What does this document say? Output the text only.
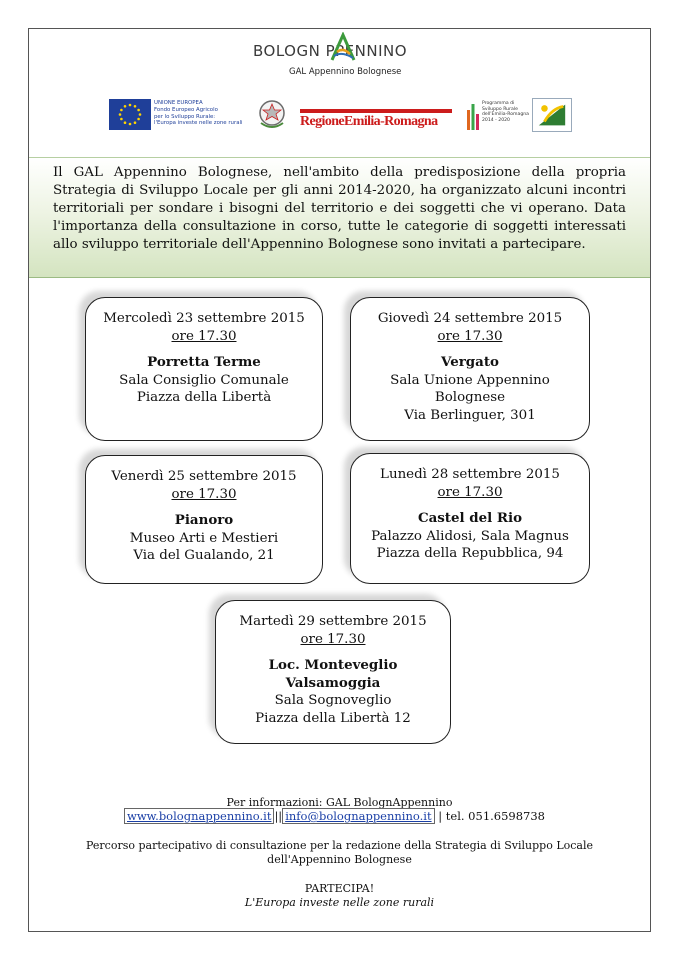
BOLOGN PPENNINO
GAL Appennino Bolognese
UNIONE EUROPEA
Fondo Europeo Agricolo
per lo Sviluppo Rurale:
l'Europa investe nelle zone rurali	RegioneEmilia-Romagna
Programma di
Sviluppo Rurale
dell'Emilia-Romagna
2014 - 2020

Il GAL Appennino Bolognese, nell'ambito della predisposizione della propria Strategia di Sviluppo Locale per gli anni 2014-2020, ha organizzato alcuni incontri territoriali per sondare i bisogni del territorio e dei soggetti che vi operano. Data l'importanza della consultazione in corso, tutte le categorie di soggetti interessati allo sviluppo territoriale dell'Appennino Bolognese sono invitati a partecipare.

Mercoledì 23 settembre 2015
ore 17.30
Porretta Terme
Sala Consiglio Comunale
Piazza della Libertà
Giovedì 24 settembre 2015
ore 17.30
Vergato
Sala Unione Appennino
Bolognese
Via Berlinguer, 301
Venerdì 25 settembre 2015
ore 17.30
Pianoro
Museo Arti e Mestieri
Via del Gualando, 21
Lunedì 28 settembre 2015
ore 17.30
Castel del Rio
Palazzo Alidosi, Sala Magnus
Piazza della Repubblica, 94
Martedì 29 settembre 2015
ore 17.30
Loc. Monteveglio
Valsamoggia
Sala Sognoveglio
Piazza della Libertà 12
Per informazioni: GAL BolognAppennino
www.bolognappennino.it || info@bolognappennino.it | tel. 051.6598738
Percorso partecipativo di consultazione per la redazione della Strategia di Sviluppo Locale
dell'Appennino Bolognese
PARTECIPA!
L'Europa investe nelle zone rurali
